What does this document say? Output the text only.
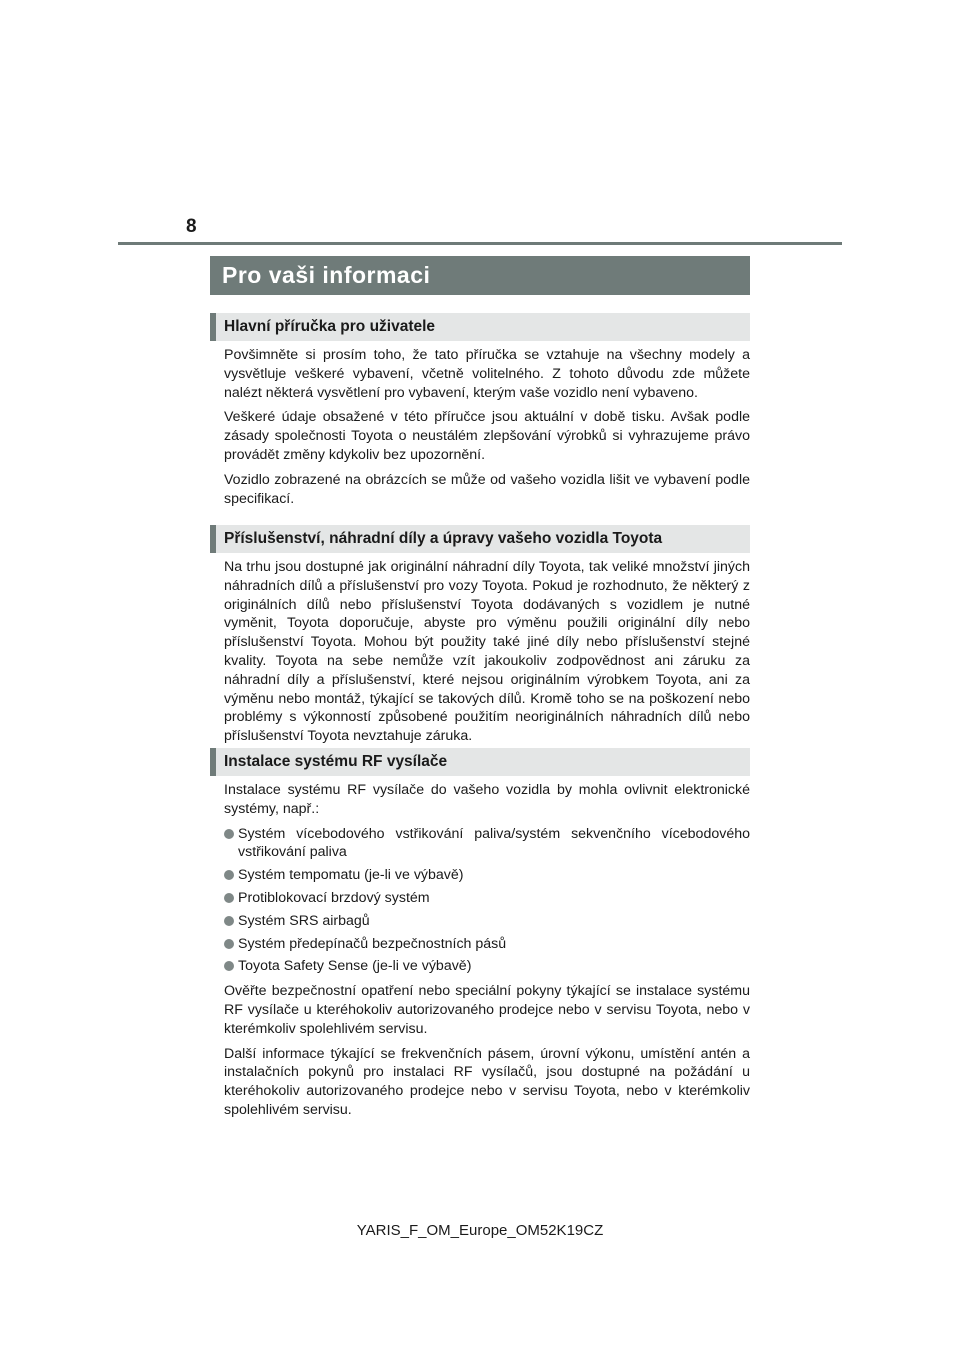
8
Pro vaši informaci
Hlavní příručka pro uživatele

Povšimněte si prosím toho, že tato příručka se vztahuje na všechny modely a vysvětluje veškeré vybavení, včetně volitelného. Z tohoto důvodu zde můžete nalézt některá vysvětlení pro vybavení, kterým vaše vozidlo není vybaveno.

Veškeré údaje obsažené v této příručce jsou aktuální v době tisku. Avšak podle zásady společnosti Toyota o neustálém zlepšování výrobků si vyhrazujeme právo provádět změny kdykoliv bez upozornění.

Vozidlo zobrazené na obrázcích se může od vašeho vozidla lišit ve vybavení podle specifikací.

Příslušenství, náhradní díly a úpravy vašeho vozidla Toyota

Na trhu jsou dostupné jak originální náhradní díly Toyota, tak veliké množství jiných náhradních dílů a příslušenství pro vozy Toyota. Pokud je rozhodnuto, že některý z originálních dílů nebo příslušenství Toyota dodávaných s vozidlem je nutné vyměnit, Toyota doporučuje, abyste pro výměnu použili originální díly nebo příslušenství Toyota. Mohou být použity také jiné díly nebo příslušenství stejné kvality. Toyota na sebe nemůže vzít jakoukoliv zodpovědnost ani záruku za náhradní díly a příslušenství, které nejsou originálním výrobkem Toyota, ani za výměnu nebo montáž, týkající se takových dílů. Kromě toho se na poškození nebo problémy s výkonností způsobené použitím neoriginálních náhradních dílů nebo příslušenství Toyota nevztahuje záruka.

Instalace systému RF vysílače

Instalace systému RF vysílače do vašeho vozidla by mohla ovlivnit elektronické systémy, např.:

Systém vícebodového vstřikování paliva/systém sekvenčního vícebodového vstřikování paliva
Systém tempomatu (je-li ve výbavě)
Protiblokovací brzdový systém
Systém SRS airbagů
Systém předepínačů bezpečnostních pásů
Toyota Safety Sense (je-li ve výbavě)

Ověřte bezpečnostní opatření nebo speciální pokyny týkající se instalace systému RF vysílače u kteréhokoliv autorizovaného prodejce nebo v servisu Toyota, nebo v kterémkoliv spolehlivém servisu.

Další informace týkající se frekvenčních pásem, úrovní výkonu, umístění antén a instalačních pokynů pro instalaci RF vysílačů, jsou dostupné na požádání u kteréhokoliv autorizovaného prodejce nebo v servisu Toyota, nebo v kterémkoliv spolehlivém servisu.

YARIS_F_OM_Europe_OM52K19CZ
